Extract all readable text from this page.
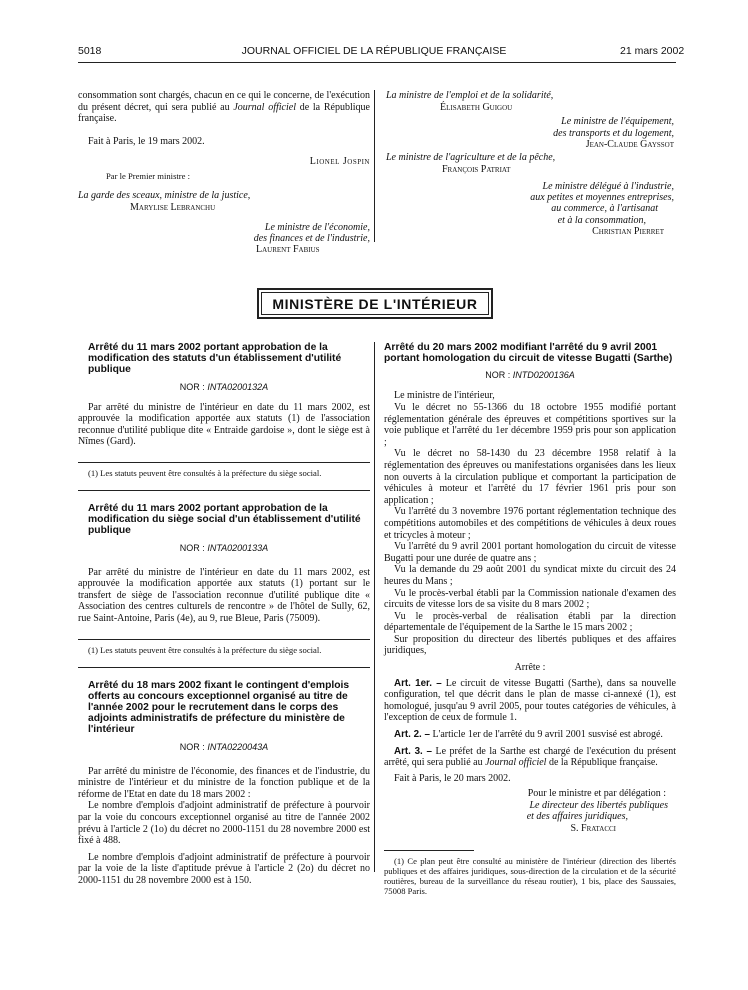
5018	JOURNAL OFFICIEL DE LA RÉPUBLIQUE FRANÇAISE	21 mars 2002

consommation sont chargés, chacun en ce qui le concerne, de l'exécution du présent décret, qui sera publié au Journal officiel de la République française.

Fait à Paris, le 19 mars 2002.

Lionel Jospin

Par le Premier ministre :

La garde des sceaux, ministre de la justice,

Marylise Lebranchu

Le ministre de l'économie,

des finances et de l'industrie,

Laurent Fabius

La ministre de l'emploi et de la solidarité,

Élisabeth Guigou

Le ministre de l'équipement,

des transports et du logement,

Jean-Claude Gayssot

Le ministre de l'agriculture et de la pêche,

François Patriat

Le ministre délégué à l'industrie,

aux petites et moyennes entreprises,

au commerce, à l'artisanat

et à la consommation,

Christian Pierret

MINISTÈRE DE L'INTÉRIEUR

Arrêté du 11 mars 2002 portant approbation de la modification des statuts d'un établissement d'utilité publique

NOR : INTA0200132A

Par arrêté du ministre de l'intérieur en date du 11 mars 2002, est approuvée la modification apportée aux statuts (1) de l'association reconnue d'utilité publique dite « Entraide gardoise », dont le siège est à Nîmes (Gard).

(1) Les statuts peuvent être consultés à la préfecture du siège social.

Arrêté du 11 mars 2002 portant approbation de la modification du siège social d'un établissement d'utilité publique

NOR : INTA0200133A

Par arrêté du ministre de l'intérieur en date du 11 mars 2002, est approuvée la modification apportée aux statuts (1) portant sur le transfert de siège de l'association reconnue d'utilité publique dite « Association des centres culturels de rencontre » de l'hôtel de Sully, 62, rue Saint-Antoine, Paris (4e), au 9, rue Bleue, Paris (75009).

(1) Les statuts peuvent être consultés à la préfecture du siège social.

Arrêté du 18 mars 2002 fixant le contingent d'emplois offerts au concours exceptionnel organisé au titre de l'année 2002 pour le recrutement dans le corps des adjoints administratifs de préfecture du ministère de l'intérieur

NOR : INTA0220043A

Par arrêté du ministre de l'économie, des finances et de l'industrie, du ministre de l'intérieur et du ministre de la fonction publique et de la réforme de l'Etat en date du 18 mars 2002 :

Le nombre d'emplois d'adjoint administratif de préfecture à pourvoir par la voie du concours exceptionnel organisé au titre de l'année 2002 prévu à l'article 2 (1o) du décret no 2000-1151 du 28 novembre 2000 est fixé à 488.

Le nombre d'emplois d'adjoint administratif de préfecture à pourvoir par la voie de la liste d'aptitude prévue à l'article 2 (2o) du décret no 2000-1151 du 28 novembre 2000 est à 150.

Arrêté du 20 mars 2002 modifiant l'arrêté du 9 avril 2001 portant homologation du circuit de vitesse Bugatti (Sarthe)

NOR : INTD0200136A

Le ministre de l'intérieur,

Vu le décret no 55-1366 du 18 octobre 1955 modifié portant réglementation générale des épreuves et compétitions sportives sur la voie publique et l'arrêté du 1er décembre 1959 pris pour son application ;

Vu le décret no 58-1430 du 23 décembre 1958 relatif à la réglementation des épreuves ou manifestations organisées dans les lieux non ouverts à la circulation publique et comportant la participation de véhicules à moteur et l'arrêté du 17 février 1961 pris pour son application ;

Vu l'arrêté du 3 novembre 1976 portant réglementation technique des compétitions automobiles et des compétitions de véhicules à deux roues et tricycles à moteur ;

Vu l'arrêté du 9 avril 2001 portant homologation du circuit de vitesse Bugatti pour une durée de quatre ans ;

Vu la demande du 29 août 2001 du syndicat mixte du circuit des 24 heures du Mans ;

Vu le procès-verbal établi par la Commission nationale d'examen des circuits de vitesse lors de sa visite du 8 mars 2002 ;

Vu le procès-verbal de réalisation établi par la direction départementale de l'équipement de la Sarthe le 15 mars 2002 ;

Sur proposition du directeur des libertés publiques et des affaires juridiques,

Arrête :

Art. 1er. – Le circuit de vitesse Bugatti (Sarthe), dans sa nouvelle configuration, tel que décrit dans le plan de masse ci-annexé (1), est homologué, jusqu'au 9 avril 2005, pour toutes catégories de véhicules, à l'exception de ceux de formule 1.

Art. 2. – L'article 1er de l'arrêté du 9 avril 2001 susvisé est abrogé.

Art. 3. – Le préfet de la Sarthe est chargé de l'exécution du présent arrêté, qui sera publié au Journal officiel de la République française.

Fait à Paris, le 20 mars 2002.

Pour le ministre et par délégation :

Le directeur des libertés publiques

et des affaires juridiques,

S. Fratacci

(1) Ce plan peut être consulté au ministère de l'intérieur (direction des libertés publiques et des affaires juridiques, sous-direction de la circulation et de la sécurité routières, bureau de la surveillance du réseau routier), 1 bis, place des Saussaies, 75008 Paris.
